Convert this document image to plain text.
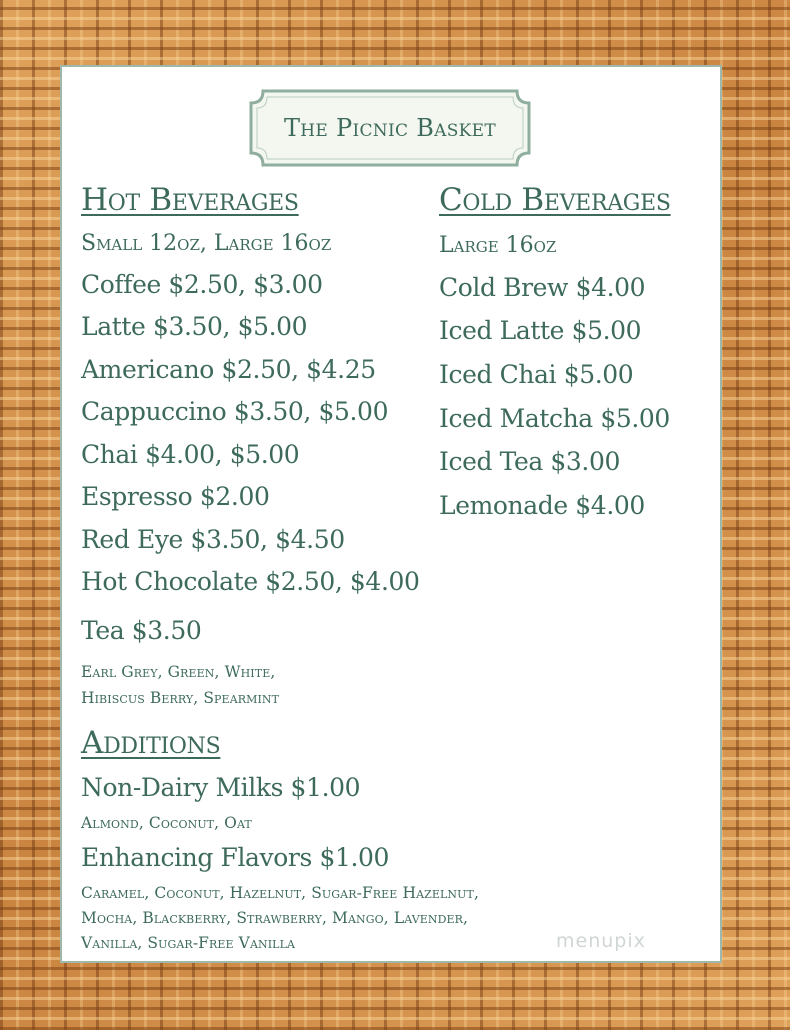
The Picnic Basket
Hot Beverages
Small 12oz, Large 16oz
Coffee $2.50, $3.00
Latte $3.50, $5.00
Americano $2.50, $4.25
Cappuccino $3.50, $5.00
Chai $4.00, $5.00
Espresso $2.00
Red Eye $3.50, $4.50
Hot Chocolate $2.50, $4.00
Tea $3.50
Earl Grey, Green, White,
Hibiscus Berry, Spearmint
Cold Beverages
Large 16oz
Cold Brew $4.00
Iced Latte $5.00
Iced Chai $5.00
Iced Matcha $5.00
Iced Tea $3.00
Lemonade $4.00
Additions
Non-Dairy Milks $1.00
Almond, Coconut, Oat
Enhancing Flavors $1.00
Caramel, Coconut, Hazelnut, Sugar-Free Hazelnut,
Mocha, Blackberry, Strawberry, Mango, Lavender,
Vanilla, Sugar-Free Vanilla	menupix
